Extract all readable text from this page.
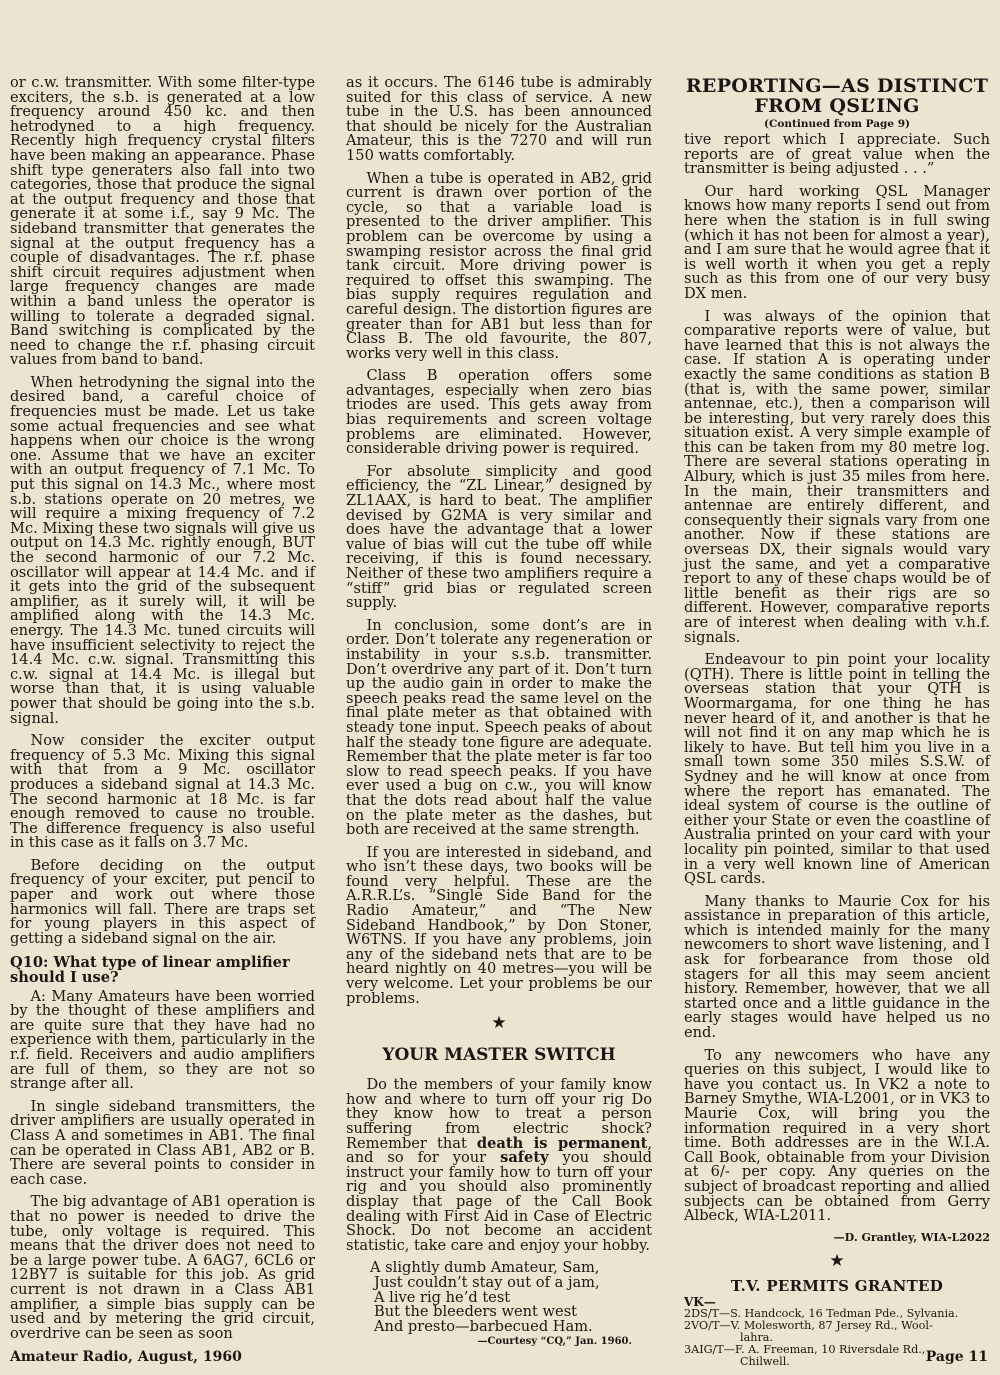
or c.w. transmitter. With some filter-type exciters, the s.b. is generated at a low frequency around 450 kc. and then hetrodyned to a high frequency. Recently high frequency crystal filters have been making an appearance. Phase shift type generaters also fall into two categories, those that produce the signal at the output frequency and those that generate it at some i.f., say 9 Mc. The sideband transmitter that generates the signal at the output frequency has a couple of disadvantages. The r.f. phase shift circuit requires adjustment when large frequency changes are made within a band unless the operator is willing to tolerate a degraded signal. Band switching is complicated by the need to change the r.f. phasing circuit values from band to band.

When hetrodyning the signal into the desired band, a careful choice of frequencies must be made. Let us take some actual frequencies and see what happens when our choice is the wrong one. Assume that we have an exciter with an output frequency of 7.1 Mc. To put this signal on 14.3 Mc., where most s.b. stations operate on 20 metres, we will require a mixing frequency of 7.2 Mc. Mixing these two signals will give us output on 14.3 Mc. rightly enough, BUT the second harmonic of our 7.2 Mc. oscillator will appear at 14.4 Mc. and if it gets into the grid of the subsequent amplifier, as it surely will, it will be amplified along with the 14.3 Mc. energy. The 14.3 Mc. tuned circuits will have insufficient selectivity to reject the 14.4 Mc. c.w. signal. Transmitting this c.w. signal at 14.4 Mc. is illegal but worse than that, it is using valuable power that should be going into the s.b. signal.

Now consider the exciter output frequency of 5.3 Mc. Mixing this signal with that from a 9 Mc. oscillator produces a sideband signal at 14.3 Mc. The second harmonic at 18 Mc. is far enough removed to cause no trouble. The difference frequency is also useful in this case as it falls on 3.7 Mc.

Before deciding on the output frequency of your exciter, put pencil to paper and work out where those harmonics will fall. There are traps set for young players in this aspect of getting a sideband signal on the air.

Q10: What type of linear amplifier should I use?

A: Many Amateurs have been worried by the thought of these amplifiers and are quite sure that they have had no experience with them, particularly in the r.f. field. Receivers and audio amplifiers are full of them, so they are not so strange after all.

In single sideband transmitters, the driver amplifiers are usually operated in Class A and sometimes in AB1. The final can be operated in Class AB1, AB2 or B. There are several points to consider in each case.

The big advantage of AB1 operation is that no power is needed to drive the tube, only voltage is required. This means that the driver does not need to be a large power tube. A 6AG7, 6CL6 or 12BY7 is suitable for this job. As grid current is not drawn in a Class AB1 amplifier, a simple bias supply can be used and by metering the grid circuit, overdrive can be seen as soon

as it occurs. The 6146 tube is admirably suited for this class of service. A new tube in the U.S. has been announced that should be nicely for the Australian Amateur, this is the 7270 and will run 150 watts comfortably.

When a tube is operated in AB2, grid current is drawn over portion of the cycle, so that a variable load is presented to the driver amplifier. This problem can be overcome by using a swamping resistor across the final grid tank circuit. More driving power is required to offset this swamping. The bias supply requires regulation and careful design. The distortion figures are greater than for AB1 but less than for Class B. The old favourite, the 807, works very well in this class.

Class B operation offers some advantages, especially when zero bias triodes are used. This gets away from bias requirements and screen voltage problems are eliminated. However, considerable driving power is required.

For absolute simplicity and good efficiency, the “ZL Linear,” designed by ZL1AAX, is hard to beat. The amplifier devised by G2MA is very similar and does have the advantage that a lower value of bias will cut the tube off while receiving, if this is found necessary. Neither of these two amplifiers require a “stiff” grid bias or regulated screen supply.

In conclusion, some dont’s are in order. Don’t tolerate any regeneration or instability in your s.s.b. transmitter. Don’t overdrive any part of it. Don’t turn up the audio gain in order to make the speech peaks read the same level on the final plate meter as that obtained with steady tone input. Speech peaks of about half the steady tone figure are adequate. Remember that the plate meter is far too slow to read speech peaks. If you have ever used a bug on c.w., you will know that the dots read about half the value on the plate meter as the dashes, but both are received at the same strength.

If you are interested in sideband, and who isn’t these days, two books will be found very helpful. These are the A.R.R.L’s. “Single Side Band for the Radio Amateur,” and “The New Sideband Handbook,” by Don Stoner, W6TNS. If you have any problems, join any of the sideband nets that are to be heard nightly on 40 metres—you will be very welcome. Let your problems be our problems.

★
YOUR MASTER SWITCH

Do the members of your family know how and where to turn off your rig Do they know how to treat a person suffering from electric shock? Remember that death is permanent, and so for your safety you should instruct your family how to turn off your rig and you should also prominently display that page of the Call Book dealing with First Aid in Case of Electric Shock. Do not become an accident statistic, take care and enjoy your hobby.

A slightly dumb Amateur, Sam,
Just couldn’t stay out of a jam,
A live rig he’d test
But the bleeders went west
And presto—barbecued Ham.
—Courtesy “CQ,” Jan. 1960.
REPORTING—AS DISTINCT
FROM QSL’ING
(Continued from Page 9)

tive report which I appreciate. Such reports are of great value when the transmitter is being adjusted . . .”

Our hard working QSL Manager knows how many reports I send out from here when the station is in full swing (which it has not been for almost a year), and I am sure that he would agree that it is well worth it when you get a reply such as this from one of our very busy DX men.

I was always of the opinion that comparative reports were of value, but have learned that this is not always the case. If station A is operating under exactly the same conditions as station B (that is, with the same power, similar antennae, etc.), then a comparison will be interesting, but very rarely does this situation exist. A very simple example of this can be taken from my 80 metre log. There are several stations operating in Albury, which is just 35 miles from here. In the main, their transmitters and antennae are entirely different, and consequently their signals vary from one another. Now if these stations are overseas DX, their signals would vary just the same, and yet a comparative report to any of these chaps would be of little benefit as their rigs are so different. However, comparative reports are of interest when dealing with v.h.f. signals.

Endeavour to pin point your locality (QTH). There is little point in telling the overseas station that your QTH is Woormargama, for one thing he has never heard of it, and another is that he will not find it on any map which he is likely to have. But tell him you live in a small town some 350 miles S.S.W. of Sydney and he will know at once from where the report has emanated. The ideal system of course is the outline of either your State or even the coastline of Australia printed on your card with your locality pin pointed, similar to that used in a very well known line of American QSL cards.

Many thanks to Maurie Cox for his assistance in preparation of this article, which is intended mainly for the many newcomers to short wave listening, and I ask for forbearance from those old stagers for all this may seem ancient history. Remember, however, that we all started once and a little guidance in the early stages would have helped us no end.

To any newcomers who have any queries on this subject, I would like to have you contact us. In VK2 a note to Barney Smythe, WIA-L2001, or in VK3 to Maurie Cox, will bring you the information required in a very short time. Both addresses are in the W.I.A. Call Book, obtainable from your Division at 6/- per copy. Any queries on the subject of broadcast reporting and allied subjects can be obtained from Gerry Albeck, WIA-L2011.

—D. Grantley, WIA-L2022
★
T.V. PERMITS GRANTED
VK—
2DS/T—S. Handcock, 16 Tedman Pde., Sylvania.
2VO/T—V. Molesworth, 87 Jersey Rd., Wool-
lahra.
3AIG/T—F. A. Freeman, 10 Riversdale Rd.,
Chilwell.
Amateur Radio, August, 1960	Page 11
